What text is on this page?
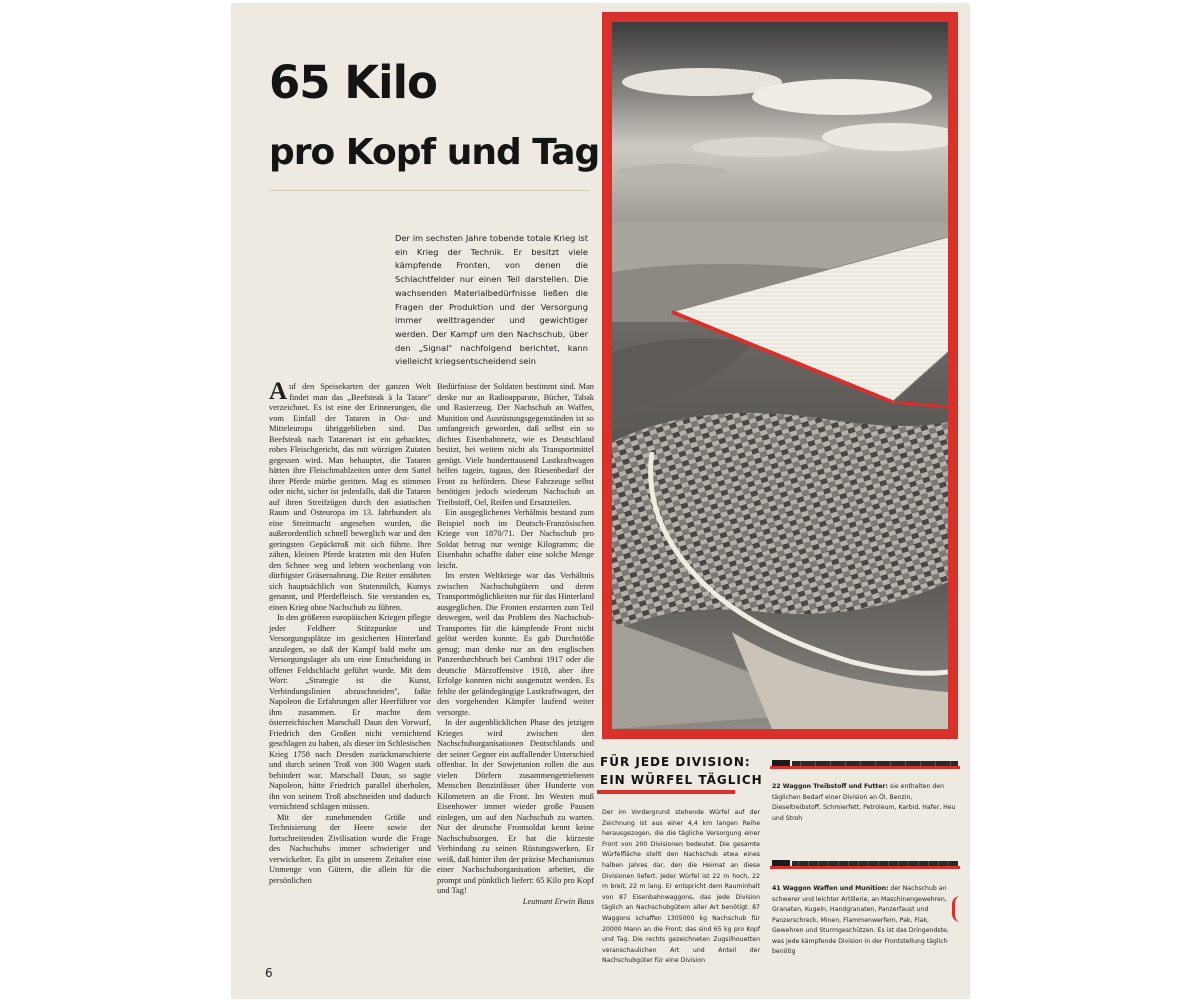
65 Kilo
pro Kopf und Tag

Der im sechsten Jahre tobende totale Krieg ist ein Krieg der Technik. Er besitzt viele kämpfende Fronten, von denen die Schlachtfelder nur einen Teil darstellen. Die wachsenden Materialbedürfnisse ließen die Fragen der Produktion und der Versorgung immer weittragender und gewichtiger werden. Der Kampf um den Nachschub, über den „Signal" nachfolgend berichtet, kann vielleicht kriegsentscheidend sein

A uf den Speisekarten der ganzen Welt findet man das „Beefsteak à la Tatare" verzeichnet. Es ist eine der Erinnerungen, die vom Einfall der Tataren in Ost- und Mitteleuropa übriggeblieben sind. Das Beefsteak nach Tatarenart ist ein gehacktes, rohes Fleischgericht, das mit würzigen Zutaten gegessen wird. Man behauptet, die Tataren hätten ihre Fleischmahlzeiten unter dem Sattel ihrer Pferde mürbe geritten. Mag es stimmen oder nicht, sicher ist jedenfalls, daß die Tataren auf ihren Streifzügen durch den asiatischen Raum und Osteuropa im 13. Jahrhundert als eine Streitmacht angesehen wurden, die außerordentlich schnell beweglich war und den geringsten Gepäcktroß mit sich führte. Ihre zähen, kleinen Pferde kratzten mit den Hufen den Schnee weg und lebten wochenlang von dürftigster Gräsernahrung. Die Reiter ernährten sich hauptsächlich von Stutenmilch, Kumys genannt, und Pferdefleisch. Sie verstanden es, einen Krieg ohne Nachschub zu führen.
In den größeren europäischen Kriegen pflegte jeder Feldherr Stützpunkte und Versorgungsplätze im gesicherten Hinterland anzulegen, so daß der Kampf bald mehr um Versorgungslager als um eine Entscheidung in offener Feldschlacht geführt wurde. Mit dem Wort: „Strategie ist die Kunst, Verbindungslinien abzuschneiden", faßte Napoleon die Erfahrungen aller Heerführer vor ihm zusammen. Er machte dem österreichischen Marschall Daun den Vorwurf, Friedrich den Großen nicht vernichtend geschlagen zu haben, als dieser im Schlesischen Krieg 1758 nach Dresden zurückmarschierte und durch seinen Troß von 300 Wagen stark behindert war. Marschall Daun, so sagte Napoleon, hätte Friedrich parallel überholen, ihn von seinem Troß abschneiden und dadurch vernichtend schlagen müssen.
Mit der zunehmenden Größe und Technisierung der Heere sowie der fortschreitenden Zivilisation wurde die Frage des Nachschubs immer schwieriger und verwickelter. Es gibt in unserem Zeitalter eine Unmenge von Gütern, die allein für die persönlichen
Bedürfnisse der Soldaten bestimmt sind. Man denke nur an Radioapparate, Bücher, Tabak und Rasierzeug. Der Nachschub an Waffen, Munition und Ausrüstungsgegenständen ist so umfangreich geworden, daß selbst ein so dichtes Eisenbahnnetz, wie es Deutschland besitzt, bei weitem nicht als Transportmittel genügt. Viele hunderttausend Lastkraftwagen helfen tagein, tagaus, den Riesenbedarf der Front zu befördern. Diese Fahrzeuge selbst benötigen jedoch wiederum Nachschub an Treibstoff, Oel, Reifen und Ersatzteilen.
Ein ausgeglichenes Verhältnis bestand zum Beispiel noch im Deutsch-Französischen Kriege von 1870/71. Der Nachschub pro Soldat betrug nur wenige Kilogramm; die Eisenbahn schaffte daher eine solche Menge leicht.
Im ersten Weltkriege war das Verhältnis zwischen Nachschubgütern und deren Transportmöglichkeiten nur für das Hinterland ausgeglichen. Die Fronten erstarrten zum Teil deswegen, weil das Problem des Nachschub-Transportes für die kämpfende Front nicht gelöst werden konnte. Es gab Durchstöße genug; man denke nur an den englischen Panzerdurchbruch bei Cambrai 1917 oder die deutsche Märzoffensive 1918, aber ihre Erfolge konnten nicht ausgenutzt werden. Es fehlte der geländegängige Lastkraftwagen, der den vorgehenden Kämpfer laufend weiter versorgte.
In der augenblicklichen Phase des jetzigen Krieges wird zwischen den Nachschuborganisationen Deutschlands und der seiner Gegner ein auffallender Unterschied offenbar. In der Sowjetunion rollen die aus vielen Dörfern zusammengetriebenen Menschen Benzinfässer über Hunderte von Kilometern an die Front. Im Westen muß Eisenhower immer wieder große Pausen einlegen, um auf den Nachschub zu warten. Nur der deutsche Frontsoldat kennt keine Nachschubsorgen. Er hat die kürzeste Verbindung zu seinen Rüstungswerken. Er weiß, daß hinter ihm der präzise Mechanismus einer Nachschuborganisation arbeitet, die prompt und pünktlich liefert: 65 Kilo pro Kopf und Tag!
Leutnant Erwin Baus
6
FÜR JEDE DIVISION:
EIN WÜRFEL TÄGLICH

Der im Vordergrund stehende Würfel auf der Zeichnung ist aus einer 4,4 km langen Reihe herausgezogen, die die tägliche Versorgung einer Front von 200 Divisionen bedeutet. Die gesamte Würfelfläche stellt den Nachschub etwa eines halben Jahres dar, den die Heimat an diese Divisionen liefert. Jeder Würfel ist 22 m hoch, 22 m breit, 22 m lang. Er entspricht dem Rauminhalt von 87 Eisenbahnwaggons, das jede Division täglich an Nachschubgütern aller Art benötigt. 87 Waggons schaffen 1305000 kg Nachschub für 20000 Mann an die Front; das sind 65 kg pro Kopf und Tag. Die rechts gezeichneten Zugsilhouetten veranschaulichen Art und Anteil der Nachschubgüter für eine Division

22 Waggon Treibstoff und Futter: sie enthalten den täglichen Bedarf einer Division an Öl, Benzin, Dieseltreibstoff, Schmierfett, Petroleum, Karbid, Hafer, Heu und Stroh

41 Waggon Waffen und Munition: der Nachschub an schwerer und leichter Artillerie, an Maschinengewehren, Granaten, Kugeln, Handgranaten, Panzerfaust und Panzerschreck, Minen, Flammenwerfern, Pak, Flak, Gewehren und Sturmgeschützen. Es ist das Dringendste, was jede kämpfende Division in der Frontstellung täglich benötig
